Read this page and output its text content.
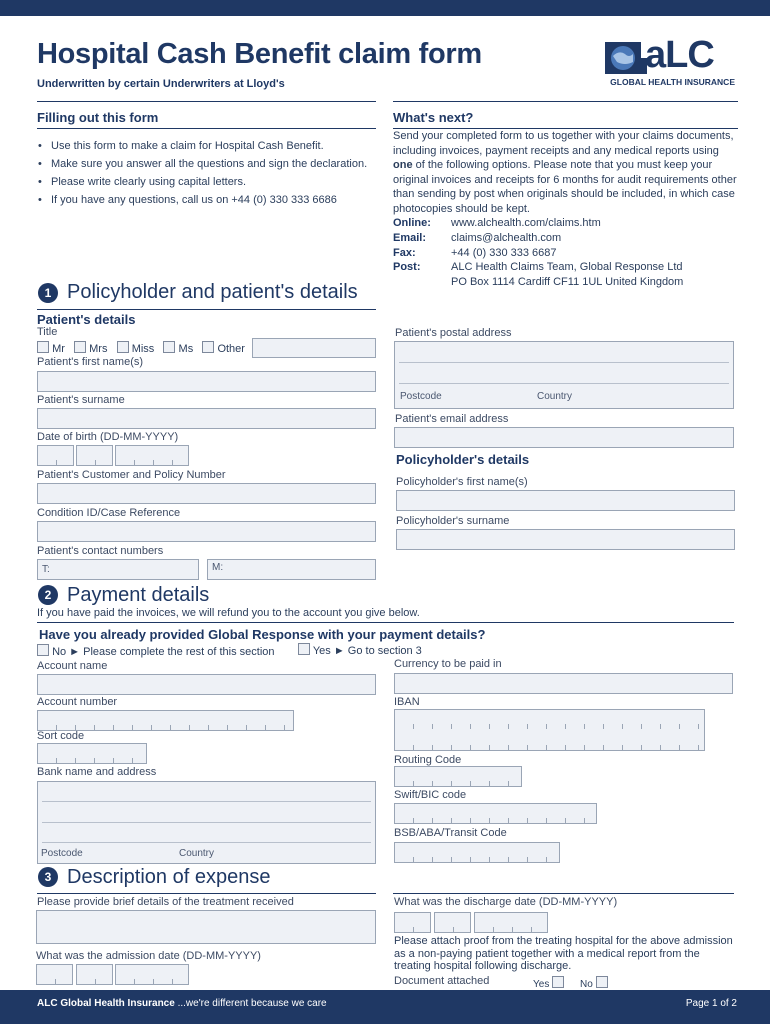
Hospital Cash Benefit claim form
Underwritten by certain Underwriters at Lloyd's
aLC
GLOBAL HEALTH INSURANCE
Filling out this form
• Use this form to make a claim for Hospital Cash Benefit.
• Make sure you answer all the questions and sign the declaration.
• Please write clearly using capital letters.
• If you have any questions, call us on +44 (0) 330 333 6686
What's next?
Send your completed form to us together with your claims documents, including invoices, payment receipts and any medical reports using one of the following options. Please note that you must keep your original invoices and receipts for 6 months for audit requirements other than sending by post when originals should be included, in which case photocopies should be kept.
Online: www.alchealth.com/claims.htm
Email: claims@alchealth.com
Fax:	+44 (0) 330 333 6687
Post:	ALC Health Claims Team, Global Response Ltd
PO Box 1114 Cardiff CF11 1UL United Kingdom
1 Policyholder and patient's details
Patient's details
Title
Mr Mrs Miss Ms Other
Patient's first name(s)
Patient's surname
Date of birth (DD-MM-YYYY)
Patient's Customer and Policy Number
Condition ID/Case Reference
Patient's contact numbers
T:	M:
Patient's postal address
Postcode	Country
Patient's email address
Policyholder's details
Policyholder's first name(s)
Policyholder's surname
2 Payment details
If you have paid the invoices, we will refund you to the account you give below.
Have you already provided Global Response with your payment details?
No ► Please complete the rest of this section	Yes ► Go to section 3
Account name
Account number
Sort code
Bank name and address
Postcode	Country
Currency to be paid in
IBAN
Routing Code
Swift/BIC code
BSB/ABA/Transit Code
3 Description of expense
Please provide brief details of the treatment received
What was the admission date (DD-MM-YYYY)
What was the discharge date (DD-MM-YYYY)
Please attach proof from the treating hospital for the above admission as a non-paying patient together with a medical report from the treating hospital following discharge.
Document attached	Yes	No
ALC Global Health Insurance ...we're different because we care	Page 1 of 2
